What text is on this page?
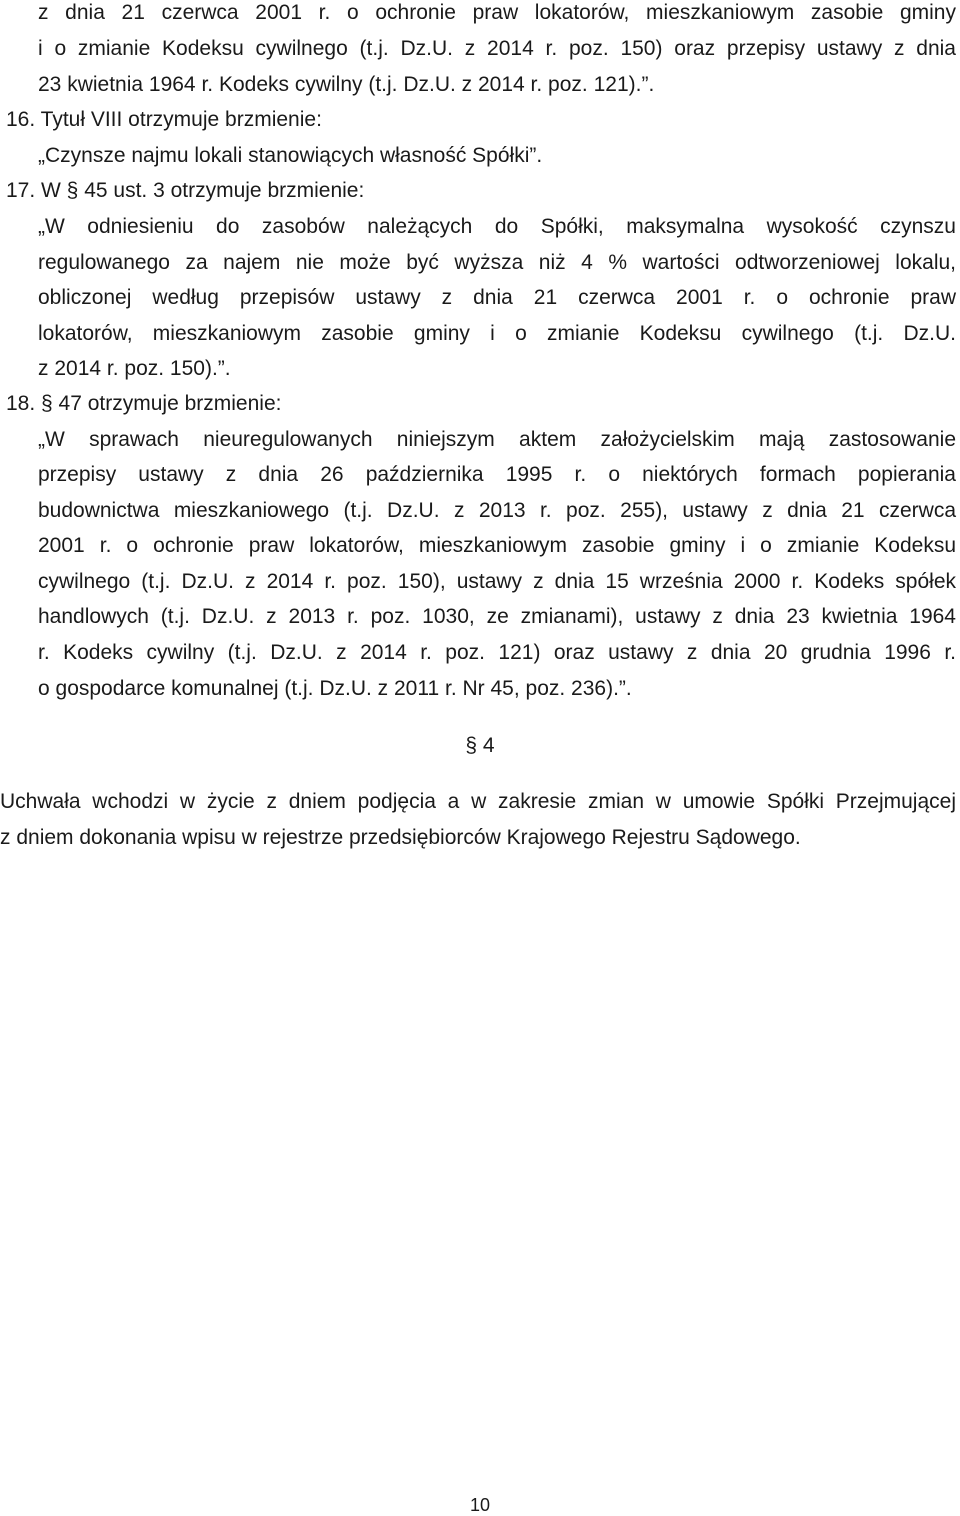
z dnia 21 czerwca 2001 r. o ochronie praw lokatorów, mieszkaniowym zasobie gminy
i o zmianie Kodeksu cywilnego (t.j. Dz.U. z 2014 r. poz. 150) oraz przepisy ustawy z dnia
23 kwietnia 1964 r. Kodeks cywilny (t.j. Dz.U. z 2014 r. poz. 121).”.
16. Tytuł VIII otrzymuje brzmienie:
„Czynsze najmu lokali stanowiących własność Spółki”.
17. W § 45 ust. 3 otrzymuje brzmienie:
„W odniesieniu do zasobów należących do Spółki, maksymalna wysokość czynszu
regulowanego za najem nie może być wyższa niż 4 % wartości odtworzeniowej lokalu,
obliczonej według przepisów ustawy z dnia 21 czerwca 2001 r. o ochronie praw
lokatorów, mieszkaniowym zasobie gminy i o zmianie Kodeksu cywilnego (t.j. Dz.U.
z 2014 r. poz. 150).”.
18. § 47 otrzymuje brzmienie:
„W sprawach nieuregulowanych niniejszym aktem założycielskim mają zastosowanie
przepisy ustawy z dnia 26 października 1995 r. o niektórych formach popierania
budownictwa mieszkaniowego (t.j. Dz.U. z 2013 r. poz. 255), ustawy z dnia 21 czerwca
2001 r. o ochronie praw lokatorów, mieszkaniowym zasobie gminy i o zmianie Kodeksu
cywilnego (t.j. Dz.U. z 2014 r. poz. 150), ustawy z dnia 15 września 2000 r. Kodeks spółek
handlowych (t.j. Dz.U. z 2013 r. poz. 1030, ze zmianami), ustawy z dnia 23 kwietnia 1964
r. Kodeks cywilny (t.j. Dz.U. z 2014 r. poz. 121) oraz ustawy z dnia 20 grudnia 1996 r.
o gospodarce komunalnej (t.j. Dz.U. z 2011 r. Nr 45, poz. 236).”.
§ 4
Uchwała wchodzi w życie z dniem podjęcia a w zakresie zmian w umowie Spółki Przejmującej
z dniem dokonania wpisu w rejestrze przedsiębiorców Krajowego Rejestru Sądowego.
10
